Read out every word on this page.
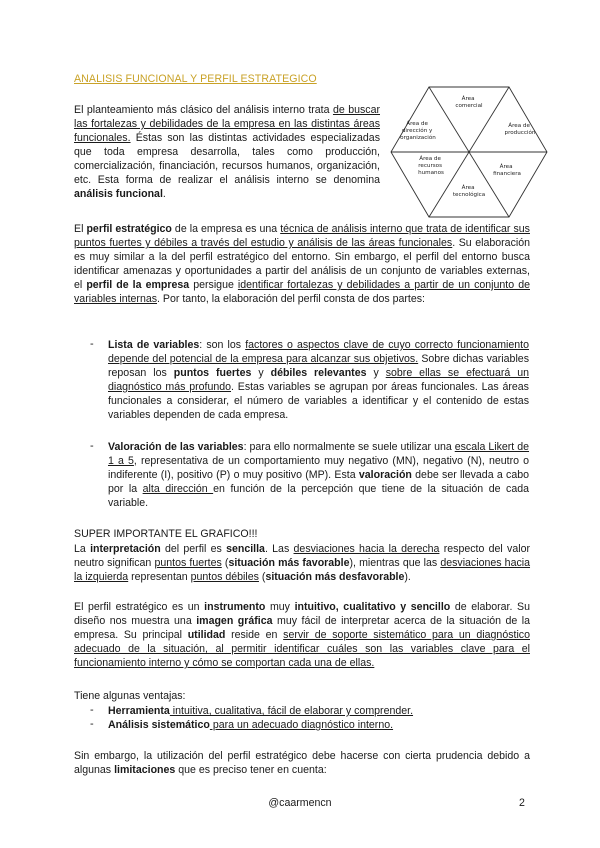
ANALISIS FUNCIONAL Y PERFIL ESTRATEGICO
Área comercial
Área de producción
Área financiera
Área tecnológica
Área de recursos humanos
Área de dirección y organización

El planteamiento más clásico del análisis interno trata de buscar las fortalezas y debilidades de la empresa en las distintas áreas funcionales. Éstas son las distintas actividades especializadas que toda empresa desarrolla, tales como producción, comercialización, financiación, recursos humanos, organización, etc. Esta forma de realizar el análisis interno se denomina análisis funcional.

El perfil estratégico de la empresa es una técnica de análisis interno que trata de identificar sus puntos fuertes y débiles a través del estudio y análisis de las áreas funcionales. Su elaboración es muy similar a la del perfil estratégico del entorno. Sin embargo, el perfil del entorno busca identificar amenazas y oportunidades a partir del análisis de un conjunto de variables externas, el perfil de la empresa persigue identificar fortalezas y debilidades a partir de un conjunto de variables internas. Por tanto, la elaboración del perfil consta de dos partes:

-	Lista de variables: son los factores o aspectos clave de cuyo correcto funcionamiento depende del potencial de la empresa para alcanzar sus objetivos. Sobre dichas variables reposan los puntos fuertes y débiles relevantes y sobre ellas se efectuará un diagnóstico más profundo. Estas variables se agrupan por áreas funcionales. Las áreas funcionales a considerar, el número de variables a identificar y el contenido de estas variables dependen de cada empresa.

-	Valoración de las variables: para ello normalmente se suele utilizar una escala Likert de 1 a 5, representativa de un comportamiento muy negativo (MN), negativo (N), neutro o indiferente (I), positivo (P) o muy positivo (MP). Esta valoración debe ser llevada a cabo por la alta dirección en función de la percepción que tiene de la situación de cada variable.

SUPER IMPORTANTE EL GRAFICO!!!

La interpretación del perfil es sencilla. Las desviaciones hacia la derecha respecto del valor neutro significan puntos fuertes (situación más favorable), mientras que las desviaciones hacia la izquierda representan puntos débiles (situación más desfavorable).

El perfil estratégico es un instrumento muy intuitivo, cualitativo y sencillo de elaborar. Su diseño nos muestra una imagen gráfica muy fácil de interpretar acerca de la situación de la empresa. Su principal utilidad reside en servir de soporte sistemático para un diagnóstico adecuado de la situación, al permitir identificar cuáles son las variables clave para el funcionamiento interno y cómo se comportan cada una de ellas.

Tiene algunas ventajas:
-	Herramienta intuitiva, cualitativa, fácil de elaborar y comprender.
-	Análisis sistemático para un adecuado diagnóstico interno.

Sin embargo, la utilización del perfil estratégico debe hacerse con cierta prudencia debido a algunas limitaciones que es preciso tener en cuenta:

@caarmencn	2
